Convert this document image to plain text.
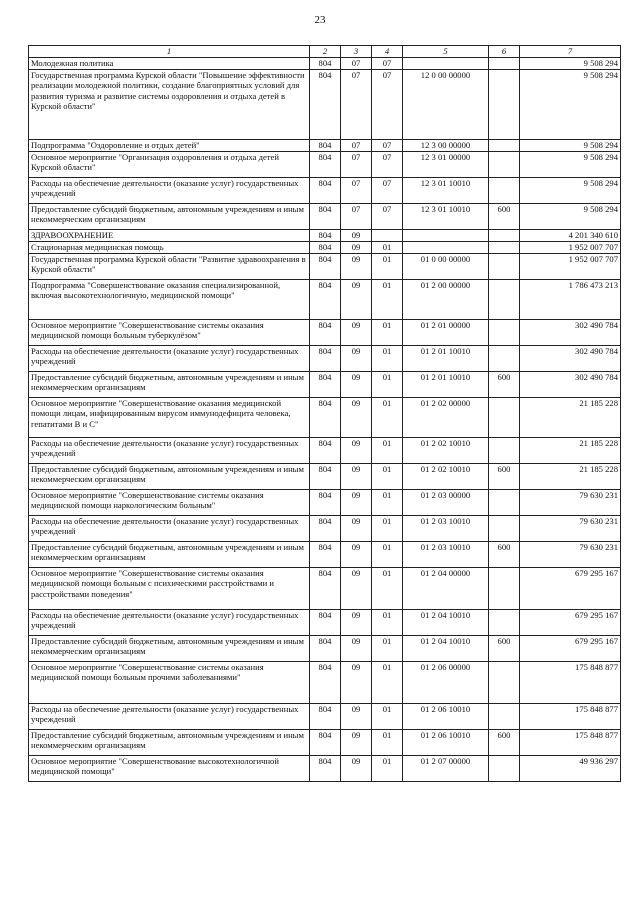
23
1	2	3	4	5	6	7
Молодежная политика	804	07	07			9 508 294
Государственная программа Курской области "Повышение эффективности реализации молодежной политики, создание благоприятных условий для развития туризма и развитие системы оздоровления и отдыха детей в Курской области"	804	07	07	12 0 00 00000		9 508 294
Подпрограмма "Оздоровление и отдых детей"	804	07	07	12 3 00 00000		9 508 294
Основное мероприятие "Организация оздоровления и отдыха детей Курской области"	804	07	07	12 3 01 00000		9 508 294
Расходы на обеспечение деятельности (оказание услуг) государственных учреждений	804	07	07	12 3 01 10010		9 508 294
Предоставление субсидий бюджетным, автономным учреждениям и иным некоммерческим организациям	804	07	07	12 3 01 10010	600	9 508 294
ЗДРАВООХРАНЕНИЕ	804	09				4 201 340 610
Стационарная медицинская помощь	804	09	01			1 952 007 707
Государственная программа Курской области "Развитие здравоохранения в Курской области"	804	09	01	01 0 00 00000		1 952 007 707
Подпрограмма "Совершенствование оказания специализированной, включая высокотехнологичную, медицинской помощи"	804	09	01	01 2 00 00000		1 786 473 213
Основное мероприятие "Совершенствование системы оказания медицинской помощи больным туберкулёзом"	804	09	01	01 2 01 00000		302 490 784
Расходы на обеспечение деятельности (оказание услуг) государственных учреждений	804	09	01	01 2 01 10010		302 490 784
Предоставление субсидий бюджетным, автономным учреждениям и иным некоммерческим организациям	804	09	01	01 2 01 10010	600	302 490 784
Основное мероприятие "Совершенствование оказания медицинской помощи лицам, инфицированным вирусом иммунодефицита человека, гепатитами B и C"	804	09	01	01 2 02 00000		21 185 228
Расходы на обеспечение деятельности (оказание услуг) государственных учреждений	804	09	01	01 2 02 10010		21 185 228
Предоставление субсидий бюджетным, автономным учреждениям и иным некоммерческим организациям	804	09	01	01 2 02 10010	600	21 185 228
Основное мероприятие "Совершенствование системы оказания медицинской помощи наркологическим больным"	804	09	01	01 2 03 00000		79 630 231
Расходы на обеспечение деятельности (оказание услуг) государственных учреждений	804	09	01	01 2 03 10010		79 630 231
Предоставление субсидий бюджетным, автономным учреждениям и иным некоммерческим организациям	804	09	01	01 2 03 10010	600	79 630 231
Основное мероприятие "Совершенствование системы оказания медицинской помощи больным с психическими расстройствами и расстройствами поведения"	804	09	01	01 2 04 00000		679 295 167
Расходы на обеспечение деятельности (оказание услуг) государственных учреждений	804	09	01	01 2 04 10010		679 295 167
Предоставление субсидий бюджетным, автономным учреждениям и иным некоммерческим организациям	804	09	01	01 2 04 10010	600	679 295 167
Основное мероприятие "Совершенствование системы оказания медицинской помощи больным прочими заболеваниями"	804	09	01	01 2 06 00000		175 848 877
Расходы на обеспечение деятельности (оказание услуг) государственных учреждений	804	09	01	01 2 06 10010		175 848 877
Предоставление субсидий бюджетным, автономным учреждениям и иным некоммерческим организациям	804	09	01	01 2 06 10010	600	175 848 877
Основное мероприятие "Совершенствование высокотехнологичной медицинской помощи"	804	09	01	01 2 07 00000		49 936 297
